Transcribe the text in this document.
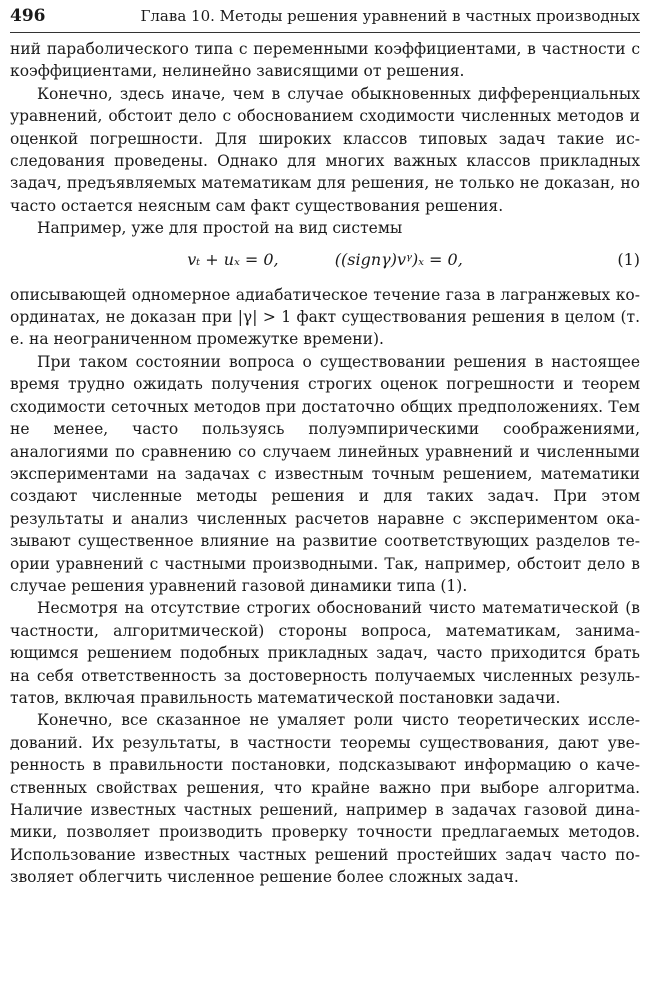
496	Глава 10. Методы решения уравнений в частных производных

ний параболического типа с переменными коэффициентами, в частности с коэффициентами, нелинейно зависящими от решения.

Конечно, здесь иначе, чем в случае обыкновенных дифференциальных уравнений, обстоит дело с обоснованием сходимости численных методов и оценкой погрешности. Для широких классов типовых задач такие исследования проведены. Однако для многих важных классов прикладных задач, предъявляемых математикам для решения, не только не доказан, но часто остается неясным сам факт существования решения.

Например, уже для простой на вид системы

vₜ + uₓ = 0,	((signγ)vᵞ)ₓ = 0,	(1)

описывающей одномерное адиабатическое течение газа в лагранжевых координатах, не доказан при |γ| > 1 факт существования решения в целом (т. е. на неограниченном промежутке времени).

При таком состоянии вопроса о существовании решения в настоящее время трудно ожидать получения строгих оценок погрешности и теорем сходимости сеточных методов при достаточно общих предположениях. Тем не менее, часто пользуясь полуэмпирическими соображениями, аналогиями по сравнению со случаем линейных уравнений и численными экспериментами на задачах с известным точным решением, математики создают численные методы решения и для таких задач. При этом результаты и анализ численных расчетов наравне с экспериментом оказывают существенное влияние на развитие соответствующих разделов теории уравнений с частными производными. Так, например, обстоит дело в случае решения уравнений газовой динамики типа (1).

Несмотря на отсутствие строгих обоснований чисто математической (в частности, алгоритмической) стороны вопроса, математикам, занимающимся решением подобных прикладных задач, часто приходится брать на себя ответственность за достоверность получаемых численных результатов, включая правильность математической постановки задачи.

Конечно, все сказанное не умаляет роли чисто теоретических исследований. Их результаты, в частности теоремы существования, дают уверенность в правильности постановки, подсказывают информацию о качественных свойствах решения, что крайне важно при выборе алгоритма. Наличие известных частных решений, например в задачах газовой динамики, позволяет производить проверку точности предлагаемых методов. Использование известных частных решений простейших задач часто позволяет облегчить численное решение более сложных задач.
